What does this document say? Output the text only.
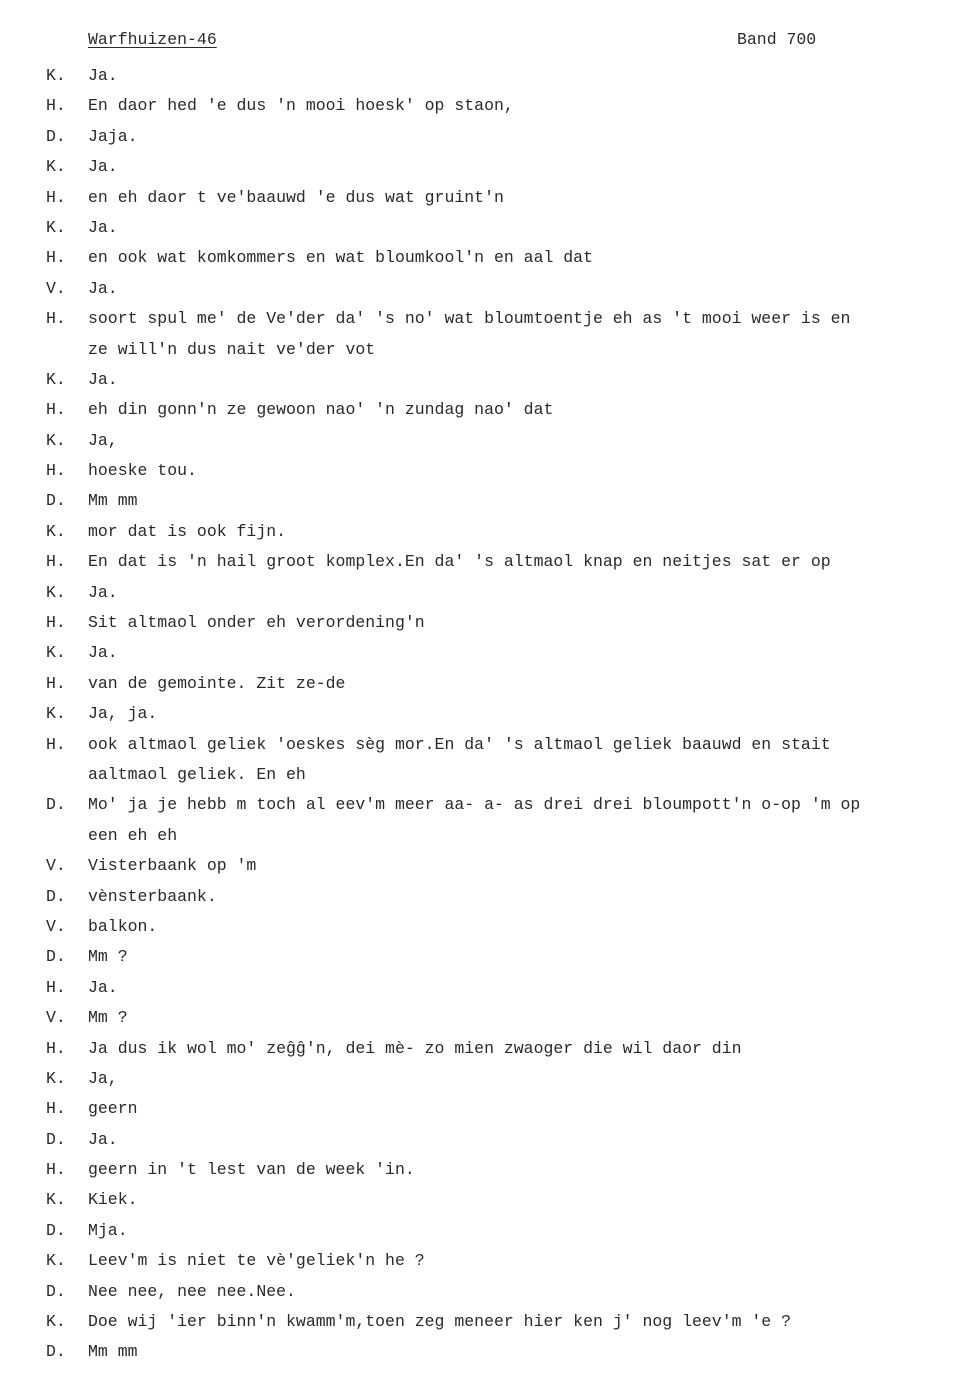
Warfhuizen-46	Band 700
K.	Ja.
H.	En daor hed 'e dus 'n mooi hoesk' op staon,
D.	Jaja.
K.	Ja.
H.	en eh daor t ve'baauwd 'e dus wat gruint'n
K.	Ja.
H.	en ook wat komkommers en wat bloumkool'n en aal dat
V.	Ja.
H.	soort spul me' de Ve'der da' 's no' wat bloumtoentje eh as 't mooi weer is en
ze will'n dus nait ve'der vot
K.	Ja.
H.	eh din gonn'n ze gewoon nao' 'n zundag nao' dat
K.	Ja,
H.	hoeske tou.
D.	Mm mm
K.	mor dat is ook fijn.
H.	En dat is 'n hail groot komplex.En da' 's altmaol knap en neitjes sat er op
K.	Ja.
H.	Sit altmaol onder eh verordening'n
K.	Ja.
H.	van de gemointe. Zit ze-de
K.	Ja, ja.
H.	ook altmaol geliek 'oeskes sèg mor.En da' 's altmaol geliek baauwd en stait
aaltmaol geliek. En eh
D.	Mo' ja je hebb m toch al eev'm meer aa- a- as drei drei bloumpott'n o-op 'm op
een eh eh
V.	Visterbaank op 'm
D.	vènsterbaank.
V.	balkon.
D.	Mm ?
H.	Ja.
V.	Mm ?
H.	Ja dus ik wol mo' zeĝĝ'n, dei mè- zo mien zwaoger die wil daor din
K.	Ja,
H.	geern
D.	Ja.
H.	geern in 't lest van de week 'in.
K.	Kiek.
D.	Mja.
K.	Leev'm is niet te vè'geliek'n he ?
D.	Nee nee, nee nee.Nee.
K.	Doe wij 'ier binn'n kwamm'm,toen zeg meneer hier ken j' nog leev'm 'e ?
D.	Mm mm
